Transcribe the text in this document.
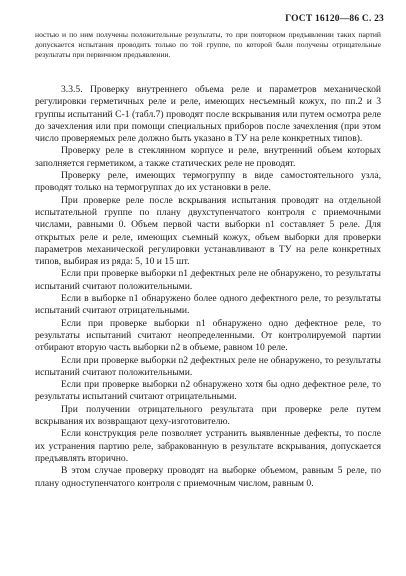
ГОСТ 16120—86 С. 23
ностью и по ним получены положительные результаты, то при повторном предъявлении таких партий допускается испытания проводить только по той группе, по которой были получены отрицательные результаты при первичном предъявлении.

3.3.5. Проверку внутреннего объема реле и параметров механической регулировки герметичных реле и реле, имеющих несъемный кожух, по пп.2 и 3 группы испытаний С-1 (табл.7) проводят после вскрывания или путем осмотра реле до зачехления или при помощи специальных приборов после зачехления (при этом число проверяемых реле должно быть указано в ТУ на реле конкретных типов).

Проверку реле в стеклянном корпусе и реле, внутренний объем которых заполняется герметиком, а также статических реле не проводят.

Проверку реле, имеющих термогруппу в виде самостоятельного узла, проводят только на термогруппах до их установки в реле.

При проверке реле после вскрывания испытания проводят на отдельной испытательной группе по плану двухступенчатого контроля с приемочными числами, равными 0. Объем первой части выборки n1 составляет 5 реле. Для открытых реле и реле, имеющих съемный кожух, объем выборки для проверки параметров механической регулировки устанавливают в ТУ на реле конкретных типов, выбирая из ряда: 5, 10 и 15 шт.

Если при проверке выборки n1 дефектных реле не обнаружено, то результаты испытаний считают положительными.

Если в выборке n1 обнаружено более одного дефектного реле, то результаты испытаний считают отрицательными.

Если при проверке выборки n1 обнаружено одно дефектное реле, то результаты испытаний считают неопределенными. От контролируемой партии отбирают вторую часть выборки n2 в объеме, равном 10 реле.

Если при проверке выборки n2 дефектных реле не обнаружено, то результаты испытаний считают положительными.

Если при проверке выборки n2 обнаружено хотя бы одно дефектное реле, то результаты испытаний считают отрицательными.

При получении отрицательного результата при проверке реле путем вскрывания их возвращают цеху-изготовителю.

Если конструкция реле позволяет устранить выявленные дефекты, то после их устранения партию реле, забракованную в результате вскрывания, допускается предъявлять вторично.

В этом случае проверку проводят на выборке объемом, равным 5 реле, по плану одноступенчатого контроля с приемочным числом, равным 0.
